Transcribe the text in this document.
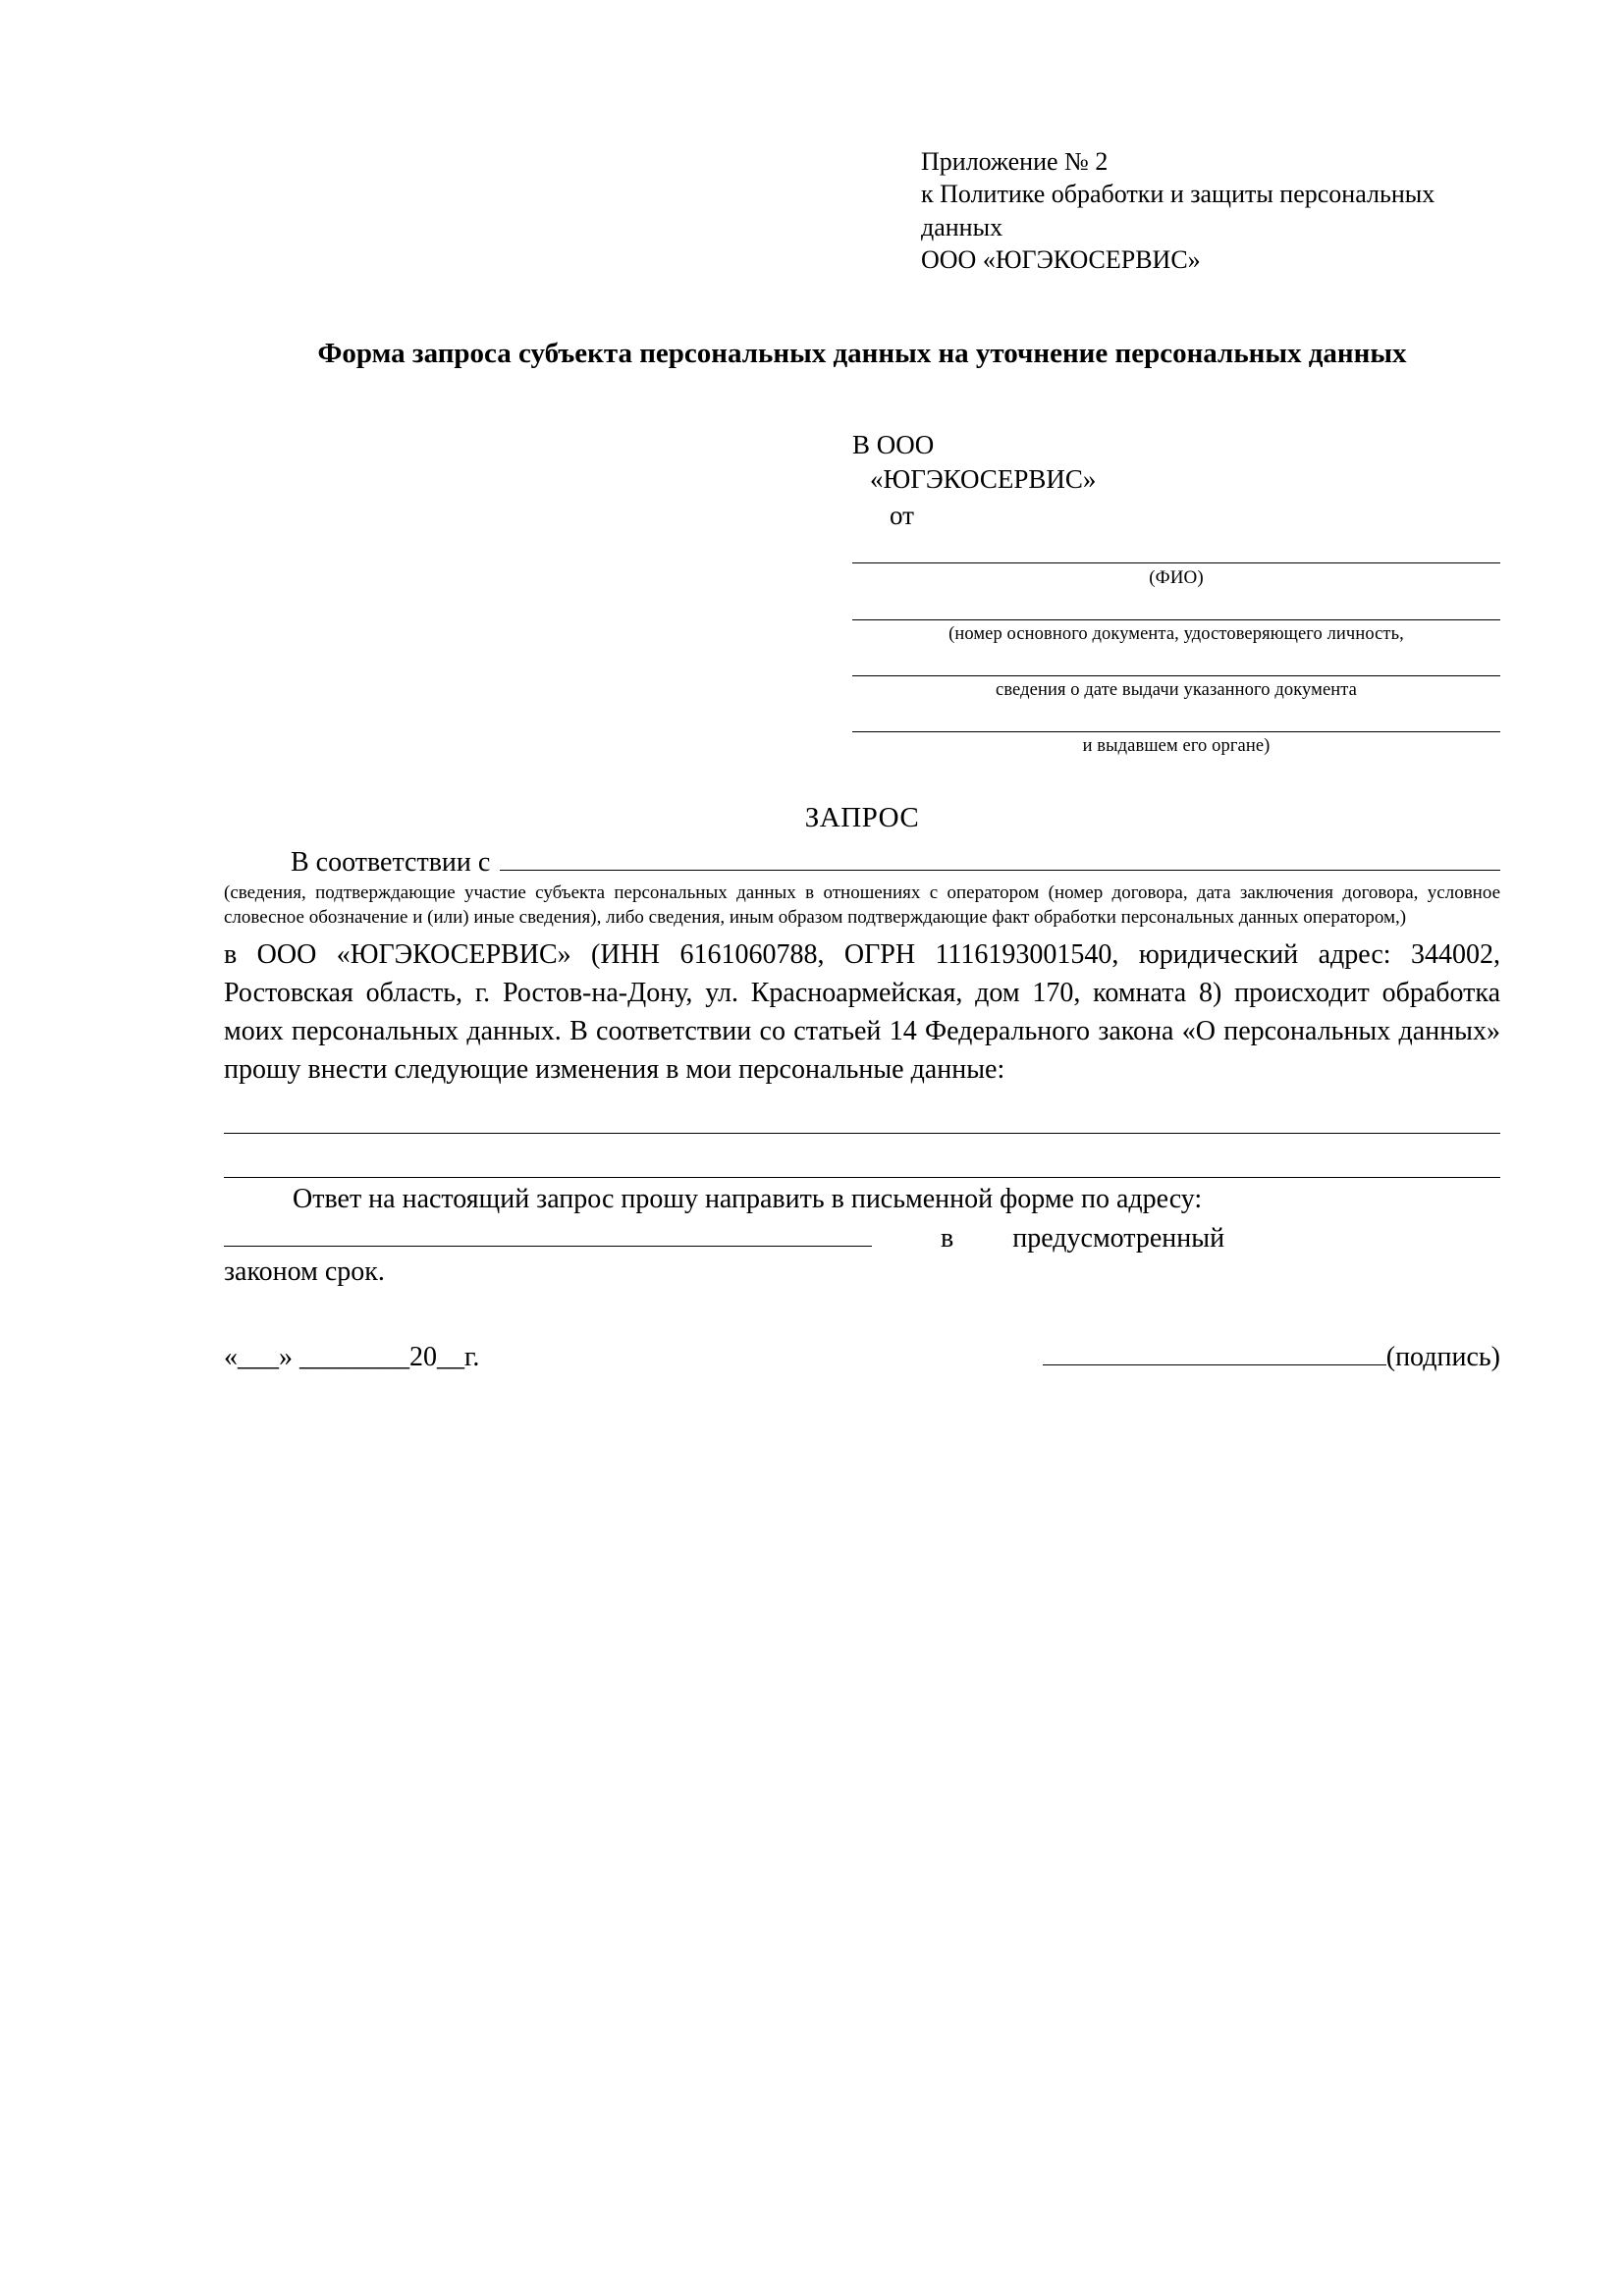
Приложение № 2
к Политике обработки и защиты персональных данных
ООО «ЮГЭКОСЕРВИС»
Форма запроса субъекта персональных данных на уточнение персональных данных
В ООО
«ЮГЭКОСЕРВИС»
от
(ФИО)
(номер основного документа, удостоверяющего личность,
сведения о дате выдачи указанного документа
и выдавшем его органе)
ЗАПРОС
В соответствии с
(сведения, подтверждающие участие субъекта персональных данных в отношениях с оператором (номер договора, дата заключения договора, условное словесное обозначение и (или) иные сведения), либо сведения, иным образом подтверждающие факт обработки персональных данных оператором,)
в ООО «ЮГЭКОСЕРВИС» (ИНН 6161060788, ОГРН 1116193001540, юридический адрес: 344002, Ростовская область, г. Ростов-на-Дону, ул. Красноармейская, дом 170, комната 8) происходит обработка моих персональных данных. В соответствии со статьей 14 Федерального закона «О персональных данных» прошу внести следующие изменения в мои персональные данные:
Ответ на настоящий запрос прошу направить в письменной форме по адресу:
в предусмотренный
законом срок.
«___» ________20__г.	(подпись)
